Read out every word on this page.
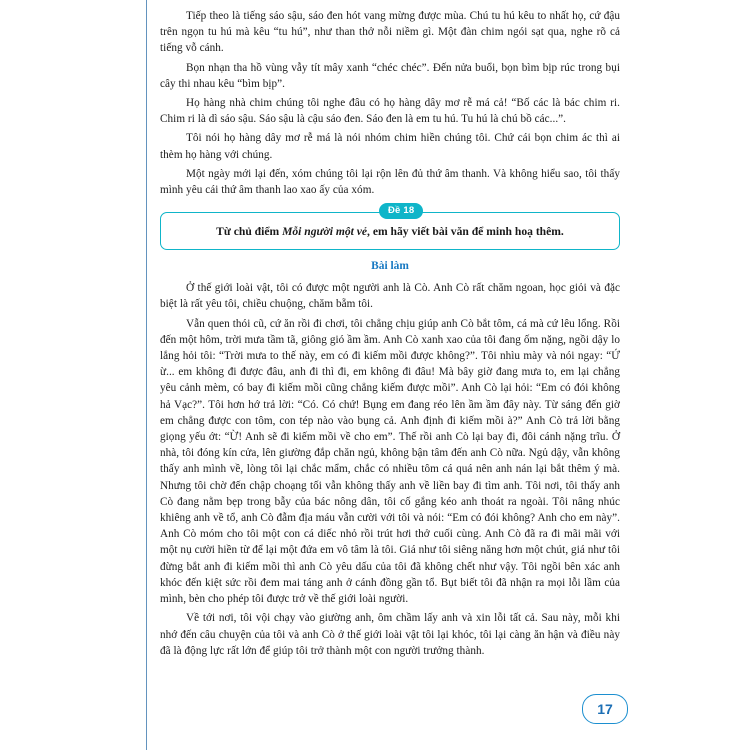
Tiếp theo là tiếng sáo sậu, sáo đen hót vang mừng được mùa. Chú tu hú kêu to nhất họ, cứ đậu trên ngọn tu hú mà kêu “tu hú”, như than thở nỗi niềm gì. Một đàn chim ngói sạt qua, nghe rõ cả tiếng vỗ cánh.

Bọn nhạn tha hồ vùng vẫy tít mây xanh “chéc chéc”. Đến nửa buổi, bọn bìm bịp rúc trong bụi cây thi nhau kêu “bìm bịp”.

Họ hàng nhà chim chúng tôi nghe đâu có họ hàng dây mơ rễ má cả! “Bố các là bác chim ri. Chim ri là dì sáo sậu. Sáo sậu là cậu sáo đen. Sáo đen là em tu hú. Tu hú là chú bồ các...”.

Tôi nói họ hàng dây mơ rễ má là nói nhóm chim hiền chúng tôi. Chứ cái bọn chim ác thì ai thèm họ hàng với chúng.

Một ngày mới lại đến, xóm chúng tôi lại rộn lên đủ thứ âm thanh. Và không hiểu sao, tôi thấy mình yêu cái thứ âm thanh lao xao ấy của xóm.

Đề 18
Từ chủ điểm Mỗi người một vẻ, em hãy viết bài văn để minh hoạ thêm.
Bài làm

Ở thế giới loài vật, tôi có được một người anh là Cò. Anh Cò rất chăm ngoan, học giỏi và đặc biệt là rất yêu tôi, chiều chuộng, chăm bẵm tôi.

Vẫn quen thói cũ, cứ ăn rồi đi chơi, tôi chẳng chịu giúp anh Cò bắt tôm, cá mà cứ lêu lổng. Rồi đến một hôm, trời mưa tầm tã, giông gió ầm ầm. Anh Cò xanh xao của tôi đang ốm nặng, ngồi dậy lo lắng hỏi tôi: “Trời mưa to thế này, em có đi kiếm mồi được không?”. Tôi nhìu mày và nói ngay: “Ứ ừ... em không đi được đâu, anh đi thì đi, em không đi đâu! Mà bây giờ đang mưa to, em lại chẳng yêu cảnh mèm, có bay đi kiếm mồi cũng chẳng kiếm được mồi”. Anh Cò lại hỏi: “Em có đói không hả Vạc?”. Tôi hơn hớ trả lời: “Có. Có chứ! Bụng em đang réo lên ầm ầm đây này. Từ sáng đến giờ em chẳng được con tôm, con tép nào vào bụng cả. Anh định đi kiếm mồi à?” Anh Cò trả lời bằng giọng yếu ớt: “Ừ! Anh sẽ đi kiếm mồi về cho em”. Thế rồi anh Cò lại bay đi, đôi cánh nặng trĩu. Ở nhà, tôi đóng kín cửa, lên giường đắp chăn ngủ, không bận tâm đến anh Cò nữa. Ngủ dậy, vẫn không thấy anh mình về, lòng tôi lại chắc mẩm, chắc có nhiều tôm cá quá nên anh nán lại bắt thêm ý mà. Nhưng tôi chờ đến chập choạng tối vẫn không thấy anh về liền bay đi tìm anh. Tôi nơi, tôi thấy anh Cò đang nằm bẹp trong bẫy của bác nông dân, tôi cố gắng kéo anh thoát ra ngoài. Tôi nâng nhúc khiêng anh về tổ, anh Cò đẫm địa máu vẫn cười với tôi và nói: “Em có đói không? Anh cho em này”. Anh Cò móm cho tôi một con cá diếc nhỏ rồi trút hơi thở cuối cùng. Anh Cò đã ra đi mãi mãi với một nụ cười hiền từ để lại một đứa em vô tâm là tôi. Giá như tôi siêng năng hơn một chút, giá như tôi đừng bắt anh đi kiếm mồi thì anh Cò yêu dấu của tôi đã không chết như vậy. Tôi ngồi bên xác anh khóc đến kiệt sức rồi đem mai táng anh ở cánh đồng gần tổ. Bụt biết tôi đã nhận ra mọi lỗi lầm của mình, bèn cho phép tôi được trở về thế giới loài người.

Về tới nơi, tôi vội chạy vào giường anh, ôm chầm lấy anh và xin lỗi tất cả. Sau này, mỗi khi nhớ đến câu chuyện của tôi và anh Cò ở thế giới loài vật tôi lại khóc, tôi lại càng ăn hận và điều này đã là động lực rất lớn để giúp tôi trở thành một con người trưởng thành.

17
